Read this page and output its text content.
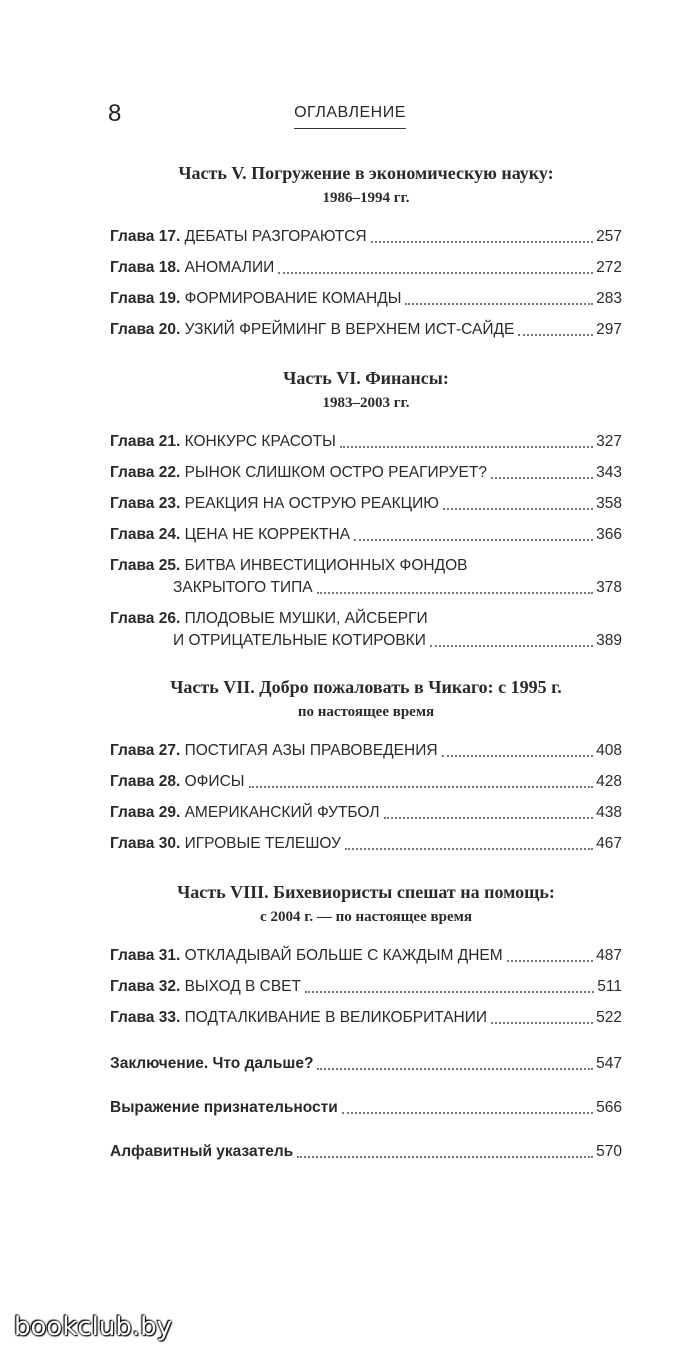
8	ОГЛАВЛЕНИЕ
Часть V. Погружение в экономическую науку:
1986–1994 гг.
Глава 17.
ДЕБАТЫ РАЗГОРАЮТСЯ	257
Глава 18.
АНОМАЛИИ	272
Глава 19.
ФОРМИРОВАНИЕ КОМАНДЫ	283
Глава 20.
УЗКИЙ ФРЕЙМИНГ В ВЕРХНЕМ ИСТ-САЙДЕ	297
Часть VI. Финансы:
1983–2003 гг.
Глава 21.
КОНКУРС КРАСОТЫ	327
Глава 22.
РЫНОК СЛИШКОМ ОСТРО РЕАГИРУЕТ?	343
Глава 23.
РЕАКЦИЯ НА ОСТРУЮ РЕАКЦИЮ	358
Глава 24.
ЦЕНА НЕ КОРРЕКТНА	366
Глава 25. БИТВА ИНВЕСТИЦИОННЫХ ФОНДОВ
ЗАКРЫТОГО ТИПА	378
Глава 26. ПЛОДОВЫЕ МУШКИ, АЙСБЕРГИ
И ОТРИЦАТЕЛЬНЫЕ КОТИРОВКИ	389
Часть VII. Добро пожаловать в Чикаго: с 1995 г.
по настоящее время
Глава 27.
ПОСТИГАЯ АЗЫ ПРАВОВЕДЕНИЯ	408
Глава 28.
ОФИСЫ	428
Глава 29.
АМЕРИКАНСКИЙ ФУТБОЛ	438
Глава 30.
ИГРОВЫЕ ТЕЛЕШОУ	467
Часть VIII. Бихевиористы спешат на помощь:
с 2004 г. — по настоящее время
Глава 31.
ОТКЛАДЫВАЙ БОЛЬШЕ С КАЖДЫМ ДНЕМ	487
Глава 32.
ВЫХОД В СВЕТ	511
Глава 33.
ПОДТАЛКИВАНИЕ В ВЕЛИКОБРИТАНИИ	522
Заключение. Что дальше?	547
Выражение признательности	566
Алфавитный указатель	570
bookclub.by
